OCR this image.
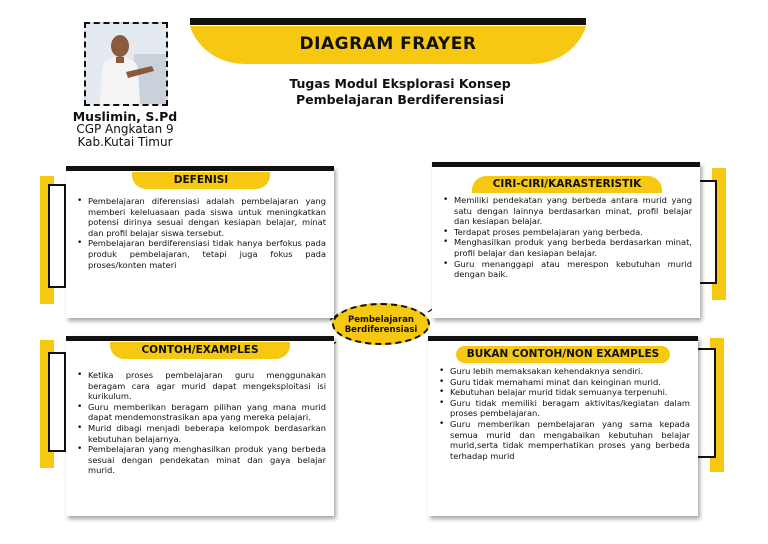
DIAGRAM FRAYER
Tugas Modul Eksplorasi Konsep
Pembelajaran Berdiferensiasi
Muslimin, S.Pd
CGP Angkatan 9
Kab.Kutai Timur
DEFENISI
• Pembelajaran diferensiasi adalah pembelajaran yang memberi keleluasaan pada siswa untuk meningkatkan potensi dirinya sesuai dengan kesiapan belajar, minat dan profil belajar siswa tersebut.
• Pembelajaran berdiferensiasi tidak hanya berfokus pada produk pembelajaran, tetapi juga fokus pada proses/konten materi
CIRI-CIRI/KARASTERISTIK
• Memiliki pendekatan yang berbeda antara murid yang satu dengan lainnya berdasarkan minat, profil belajar dan kesiapan belajar.
• Terdapat proses pembelajaran yang berbeda.
• Menghasilkan produk yang berbeda berdasarkan minat, profil belajar dan kesiapan belajar.
• Guru menanggapi atau merespon kebutuhan murid dengan baik.
Pembelajaran
Berdiferensiasi
CONTOH/EXAMPLES
• Ketika proses pembelajaran guru menggunakan beragam cara agar murid dapat mengeksploitasi isi kurikulum.
• Guru memberikan beragam pilihan yang mana murid dapat mendemonstrasikan apa yang mereka pelajari.
• Murid dibagi menjadi beberapa kelompok berdasarkan kebutuhan belajarnya.
• Pembelajaran yang menghasilkan produk yang berbeda sesuai dengan pendekatan minat dan gaya belajar murid.
BUKAN CONTOH/NON EXAMPLES
• Guru lebih memaksakan kehendaknya sendiri.
• Guru tidak memahami minat dan keinginan murid.
• Kebutuhan belajar murid tidak semuanya terpenuhi.
• Guru tidak memiliki beragam aktivitas/kegiatan dalam proses pembelajaran.
• Guru memberikan pembelajaran yang sama kepada semua murid dan mengabaikan kebutuhan belajar murid,serta tidak memperhatikan proses yang berbeda terhadap murid
